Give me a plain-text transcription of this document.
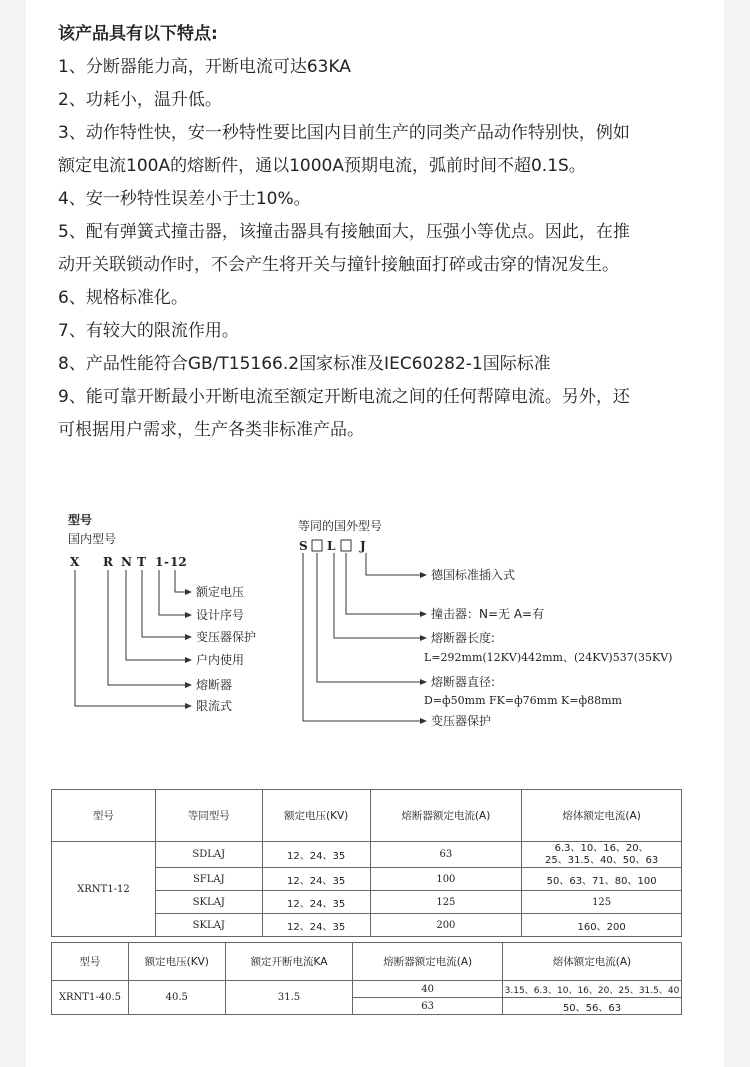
该产品具有以下特点:

1、分断器能力高，开断电流可达63KA

2、功耗小，温升低。

3、动作特性快，安一秒特性要比国内目前生产的同类产品动作特别快，例如

额定电流100A的熔断件，通以1000A预期电流，弧前时间不超0.1S。

4、安一秒特性误差小于士10%。

5、配有弹簧式撞击器，该撞击器具有接触面大，压强小等优点。因此，在推

动开关联锁动作时，不会产生将开关与撞针接触面打碎或击穿的情况发生。

6、规格标准化。

7、有较大的限流作用。

8、产品性能符合GB/T15166.2国家标准及IEC60282-1国际标准

9、能可靠开断最小开断电流至额定开断电流之间的任何帮障电流。另外，还

可根据用户需求，生产各类非标准产品。

型号
国内型号
X R N T 1 - 12
额定电压
设计序号
变压器保护
户内使用
熔断器
限流式
等同的国外型号
S L J
德国标准插入式
撞击器：N=无 A=有
熔断器长度:
L=292mm(12KV)442mm、(24KV)537(35KV)
熔断器直径:
D=ф50mm FK=ф76mm K=ф88mm
变压器保护
型号	等同型号	额定电压(KV)	熔断器额定电流(A)	熔体额定电流(A)
XRNT1-12	SDLAJ	12、24、35	63	6.3、10、16、20、
25、31.5、40、50、63

	SFLAJ	12、24、35	100	50、63、71、80、100
	SKLAJ	12、24、35	125	125
	SKLAJ	12、24、35	200	160、200
型号	额定电压(KV)	额定开断电流KA	熔断器额定电流(A)	熔体额定电流(A)
XRNT1-40.5	40.5	31.5	40	3.15、6.3、10、16、20、25、31.5、40
			63	50、56、63
